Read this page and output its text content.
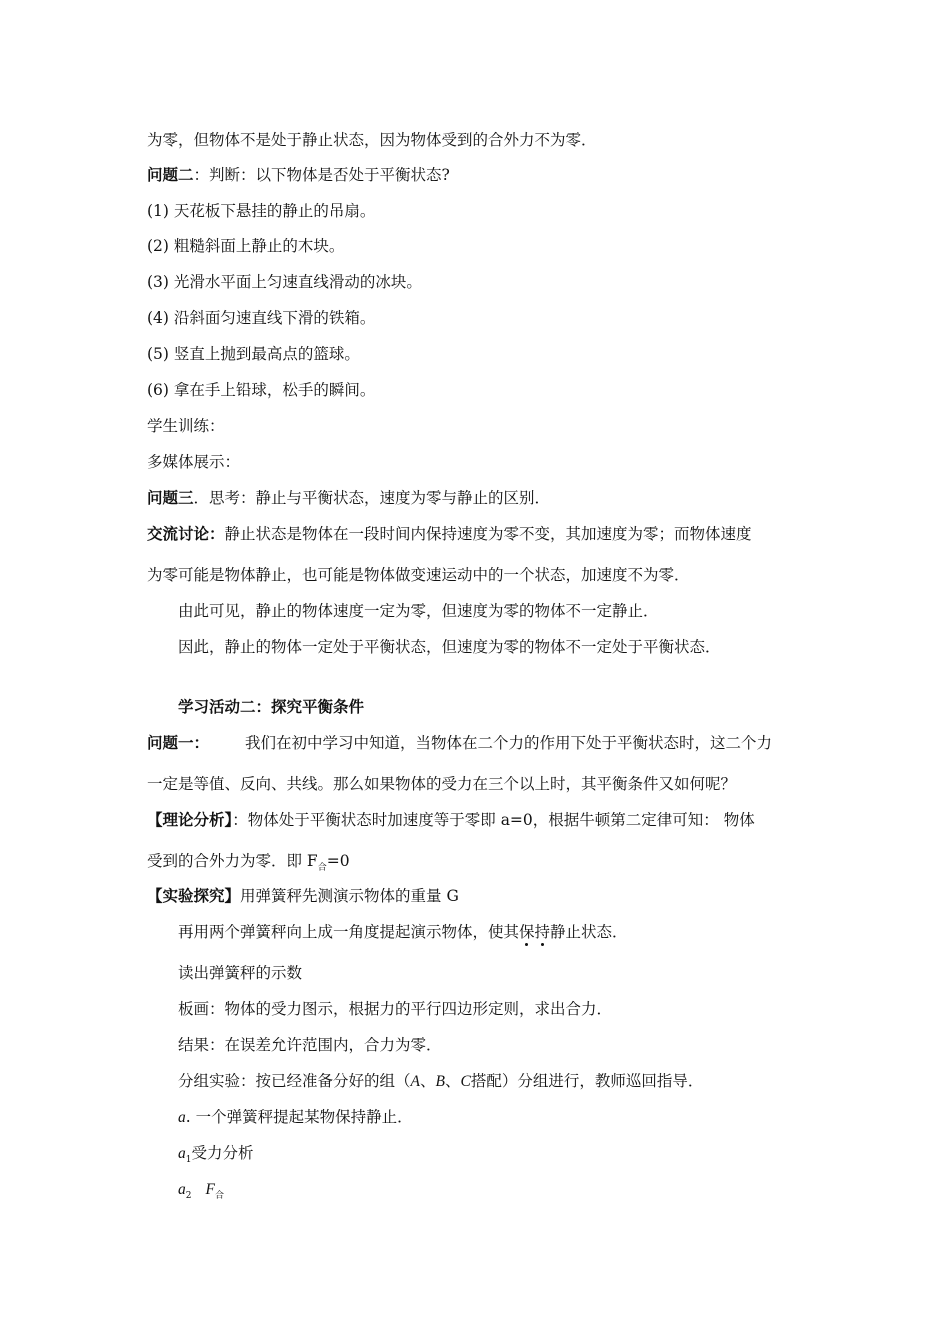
为零，但物体不是处于静止状态，因为物体受到的合外力不为零．
问题二：判断：以下物体是否处于平衡状态?
(1) 天花板下悬挂的静止的吊扇。
(2) 粗糙斜面上静止的木块。
(3) 光滑水平面上匀速直线滑动的冰块。
(4) 沿斜面匀速直线下滑的铁箱。
(5) 竖直上抛到最高点的篮球。
(6) 拿在手上铅球，松手的瞬间。
学生训练：
多媒体展示：
问题三．思考：静止与平衡状态，速度为零与静止的区别．
交流讨论：静止状态是物体在一段时间内保持速度为零不变，其加速度为零；而物体速度
为零可能是物体静止，也可能是物体做变速运动中的一个状态，加速度不为零．
由此可见，静止的物体速度一定为零，但速度为零的物体不一定静止．
因此，静止的物体一定处于平衡状态，但速度为零的物体不一定处于平衡状态．
学习活动二：探究平衡条件
问题一： 我们在初中学习中知道，当物体在二个力的作用下处于平衡状态时，这二个力
一定是等值、反向、共线。那么如果物体的受力在三个以上时，其平衡条件又如何呢？
【理论分析】：物体处于平衡状态时加速度等于零即 a=0，根据牛顿第二定律可知： 物体
受到的合外力为零．即 $F_合=0$
【实验探究】用弹簧秤先测演示物体的重量 G
再用两个弹簧秤向上成一角度提起演示物体，使其保持静止状态．
读出弹簧秤的示数
板画：物体的受力图示，根据力的平行四边形定则，求出合力．
结果：在误差允许范围内，合力为零．
分组实验：按已经准备分好的组（A、B、C搭配）分组进行，教师巡回指导．
a. 一个弹簧秤提起某物保持静止．
$a_1$受力分析
$a_2$ $F_合$
